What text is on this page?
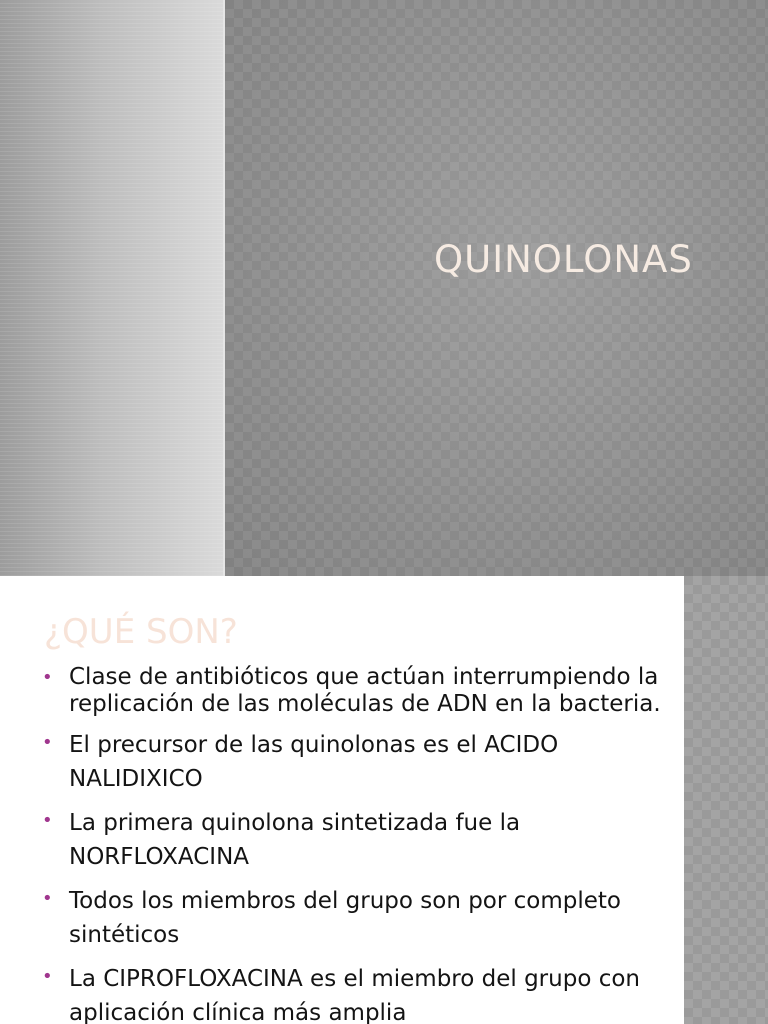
QUINOLONAS
¿QUÉ SON?
• Clase de antibióticos que actúan interrumpiendo la replicación de las moléculas de ADN en la bacteria.
• El precursor de las quinolonas es el ACIDO NALIDIXICO
• La primera quinolona sintetizada fue la NORFLOXACINA
• Todos los miembros del grupo son por completo sintéticos
• La CIPROFLOXACINA es el miembro del grupo con aplicación clínica más amplia
